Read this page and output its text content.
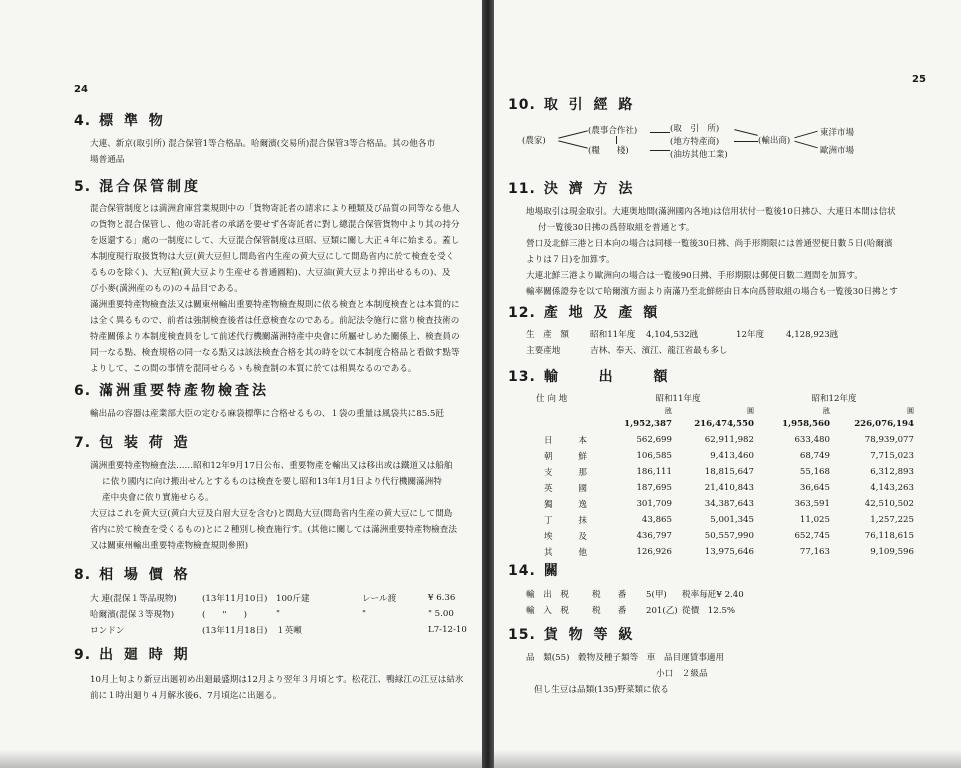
24
4. 標 準 物
大連、新京(取引所) 混合保管1等合格品。哈爾濱(交易所)混合保管3等合格品。其の他各市
場普通品
5. 混合保管制度
混合保管制度とは満洲倉庫営業規則中の「貨物寄託者の請求により種類及び品質の同等なる他人
の貨物と混合保管し、他の寄託者の承諾を要せず各寄託者に對し總混合保管貨物中より其の持分
を返還する」處の一制度にして、大豆混合保管制度は亘昭、豆類に關し大正４年に始まる。蓋し
本制度現行取扱貨物は大豆(黄大豆但し間島省内生産の黄大豆にして間島省内に於て検査を受く
るものを除く)、大豆粕(黄大豆より生産せる普通圓粕)、大豆油(黄大豆より搾出せるもの)、及
び小麥(満洲産のもの)の４品目である。
滿洲重要特產物檢査法又は關東州輸出重要特產物檢査規則に依る検査と本制度検査とは本質的に
は全く異るもので、前者は強制検査後者は任意検査なのである。前記法令施行に當り検査技術の
特產關係より本制度検査員をして前述代行機關滿洲特產中央會に所屬せしめた關係上、検査員の
同一なる點、検査規格の同一なる點又は該法検査合格を其の時を以て本制度合格品と看做す點等
よりして、この間の事情を混同せらるゝも検査制の本質に於ては相異なるのである。
6. 滿洲重要特產物檢査法
輸出品の容器は産業部大臣の定むる麻袋標準に合格せるもの、１袋の重量は風袋共に85.5瓩
7. 包 装 荷 造
満洲重要特產物檢査法……昭和12年9月17日公布、重要物產を輸出又は移出或は鐵道又は船舶
に依り國内に向け搬出せんとするものは検査を要し昭和13年1月1日より代行機關滿洲特
產中央會に依り實施せらる。
大豆はこれを黄大豆(黄白大豆及白眉大豆を含む)と間島大豆(間島省内生産の黄大豆にして間島
省内に於て検査を受くるもの)とに２種別し検査施行す。(其他に關しては滿洲重要特產物檢査法
又は關東州輸出重要特產物檢査規則參照)
8. 相 場 價 格
大 連(混保１等品現物)	(13年11月10日)	100斤建	レール渡	¥ 6.36
哈爾濱(混保３等現物)	(　　"　　)	"	"	" 5.00
ロンドン	(13年11月18日)	１英噸		L7-12-10
9. 出 廻 時 期
10月上旬より新豆出廻初め出廻最盛期は12月より翌年３月頃とす。松花江、鴨緑江の江豆は結氷
前に１時出廻り４月解氷後6、7月頃迄に出廻る。
25
10. 取 引 經 路
(農家)
(農事合作社)
(糧　　棧)
(取　引　所)
(地方特產商)
(油坊其他工業)
(輸出商)
東洋市場
歐洲市場
11. 決 濟 方 法
地場取引は現金取引。大連奥地間(滿洲國內各地)は信用状付一覧後10日拂ひ、大連日本間は信状
付一覧後30日拂の爲替取組を普通とす。
營口及北鮮三港と日本向の場合は同様一覧後30日拂、尚手形期限には普通翌便日數５日(哈爾濱
よりは７日)を加算す。
大連北鮮三港より歐洲向の場合は一覧後90日拂、手形期限は郵便日數二週間を加算す。
輸率關係證券を以て哈爾濱方面より南滿乃至北鮮經由日本向爲替取組の場合も一覧後30日拂とす
12. 產 地 及 產 額
生　產　額	昭和11年度	4,104,532瓲	12年度	4,128,923瓲
主要產地	吉林、奉天、濱江、龍江省最も多し			
13. 輸 出 額
仕 向 地	昭和11年度		昭和12年度	
	瓲	圓	瓲	圓
	1,952,387	216,474,550	1,958,560	226,076,194
日　　　本	562,699	62,911,982	633,480	78,939,077
朝　　　鮮	106,585	9,413,460	68,749	7,715,023
支　　　那	186,111	18,815,647	55,168	6,312,893
英　　　國	187,695	21,410,843	36,645	4,143,263
獨　　　逸	301,709	34,387,643	363,591	42,510,502
丁　　　抹	43,865	5,001,345	11,025	1,257,225
埃　　　及	436,797	50,557,990	652,745	76,118,615
其　　　他	126,926	13,975,646	77,163	9,109,596
14. 關
輸　出　税	税　　番	5(甲)	税率每瓩¥ 2.40
輸　入　税	税　　番	201(乙)	從價　12.5%
15. 貨 物 等 級
品　類(55)　穀物及種子類等　車　品目運賃事適用
小口　２級品
但し生豆は品類(135)野菜類に依る
